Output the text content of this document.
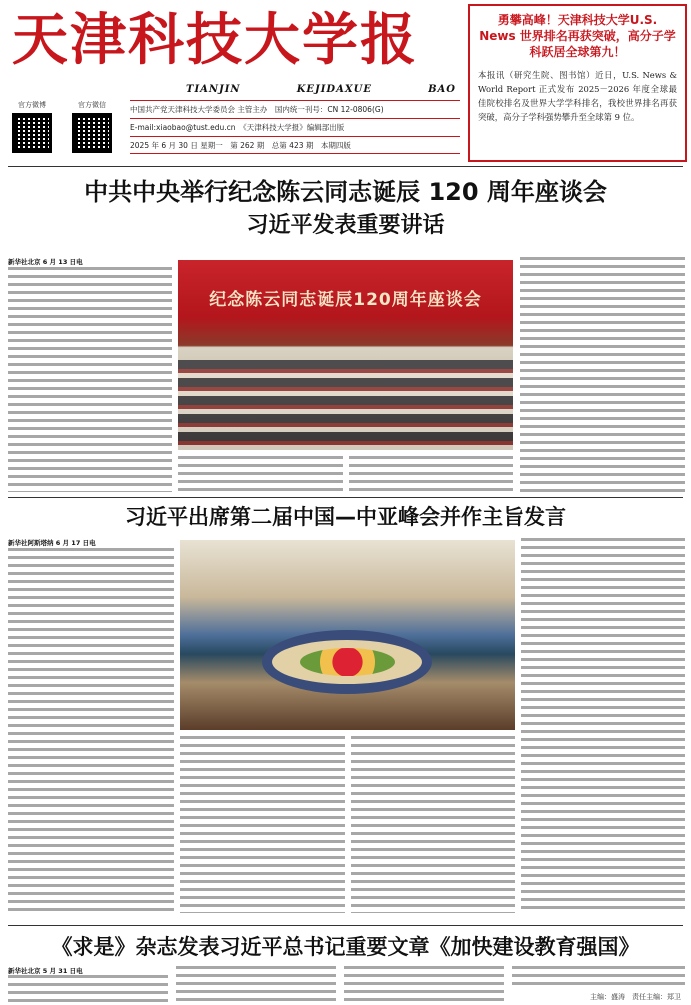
天津科技大学报
TIANJIN	KEJIDAXUE	BAO
官方微博	官方微信	中国共产党天津科技大学委员会 主管主办　国内统一刊号：CN 12-0806(G)
E-mail:xiaobao@tust.edu.cn　《天津科技大学报》编辑部出版
2025 年 6 月 30 日 星期一　第 262 期　总第 423 期　本期四版
勇攀高峰！天津科技大学U.S. News 世界排名再获突破，高分子学科跃居全球第九！
本报讯（研究生院、图书馆）近日，U.S. News & World Report 正式发布 2025－2026 年度全球最佳院校排名及世界大学学科排名，我校世界排名再获突破，高分子学科强势攀升至全球第 9 位。
中共中央举行纪念陈云同志诞辰 120 周年座谈会
习近平发表重要讲话
新华社北京 6 月 13 日电
纪念陈云同志诞辰120周年座谈会
习近平出席第二届中国—中亚峰会并作主旨发言
新华社阿斯塔纳 6 月 17 日电
《求是》杂志发表习近平总书记重要文章《加快建设教育强国》
新华社北京 5 月 31 日电
主编：盛涛　责任主编：郑卫
